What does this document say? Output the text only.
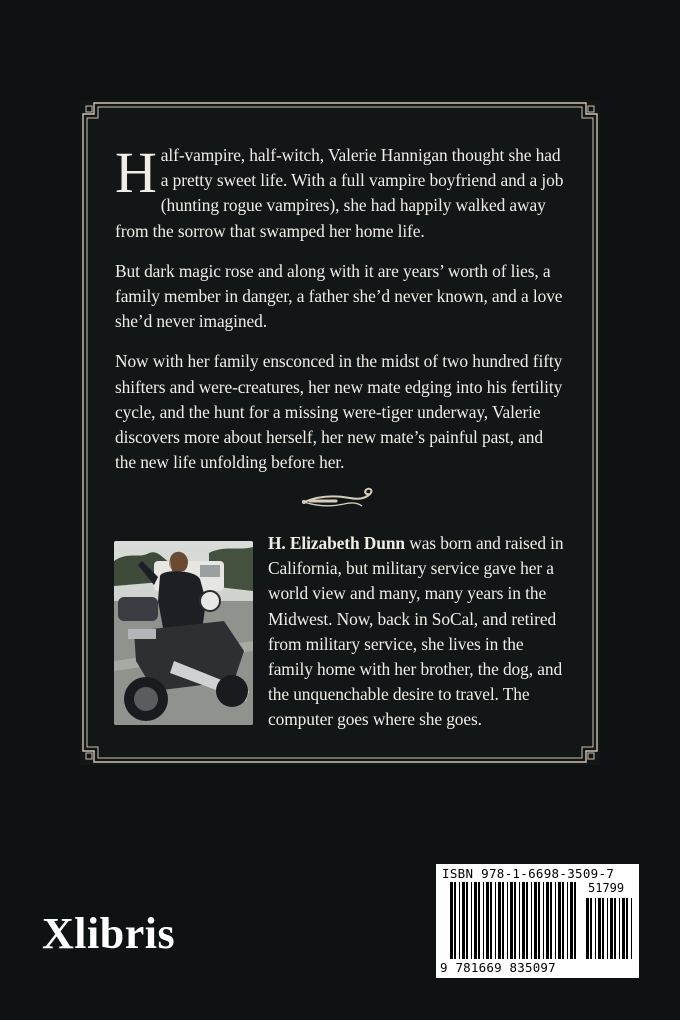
Half-vampire, half-witch, Valerie Hannigan thought she had a pretty sweet life. With a full vampire boyfriend and a job (hunting rogue vampires), she had happily walked away from the sorrow that swamped her home life.

But dark magic rose and along with it are years’ worth of lies, a family member in danger, a father she’d never known, and a love she’d never imagined.

Now with her family ensconced in the midst of two hundred fifty shifters and were-creatures, her new mate edging into his fertility cycle, and the hunt for a missing were-tiger underway, Valerie discovers more about herself, her new mate’s painful past, and the new life unfolding before her.

H. Elizabeth Dunn was born and raised in California, but military service gave her a world view and many, many years in the Midwest. Now, back in SoCal, and retired from military service, she lives in the family home with her brother, the dog, and the unquenchable desire to travel. The computer goes where she goes.
Xlibris
ISBN 978-1-6698-3509-7
51799
9 781669 835097
